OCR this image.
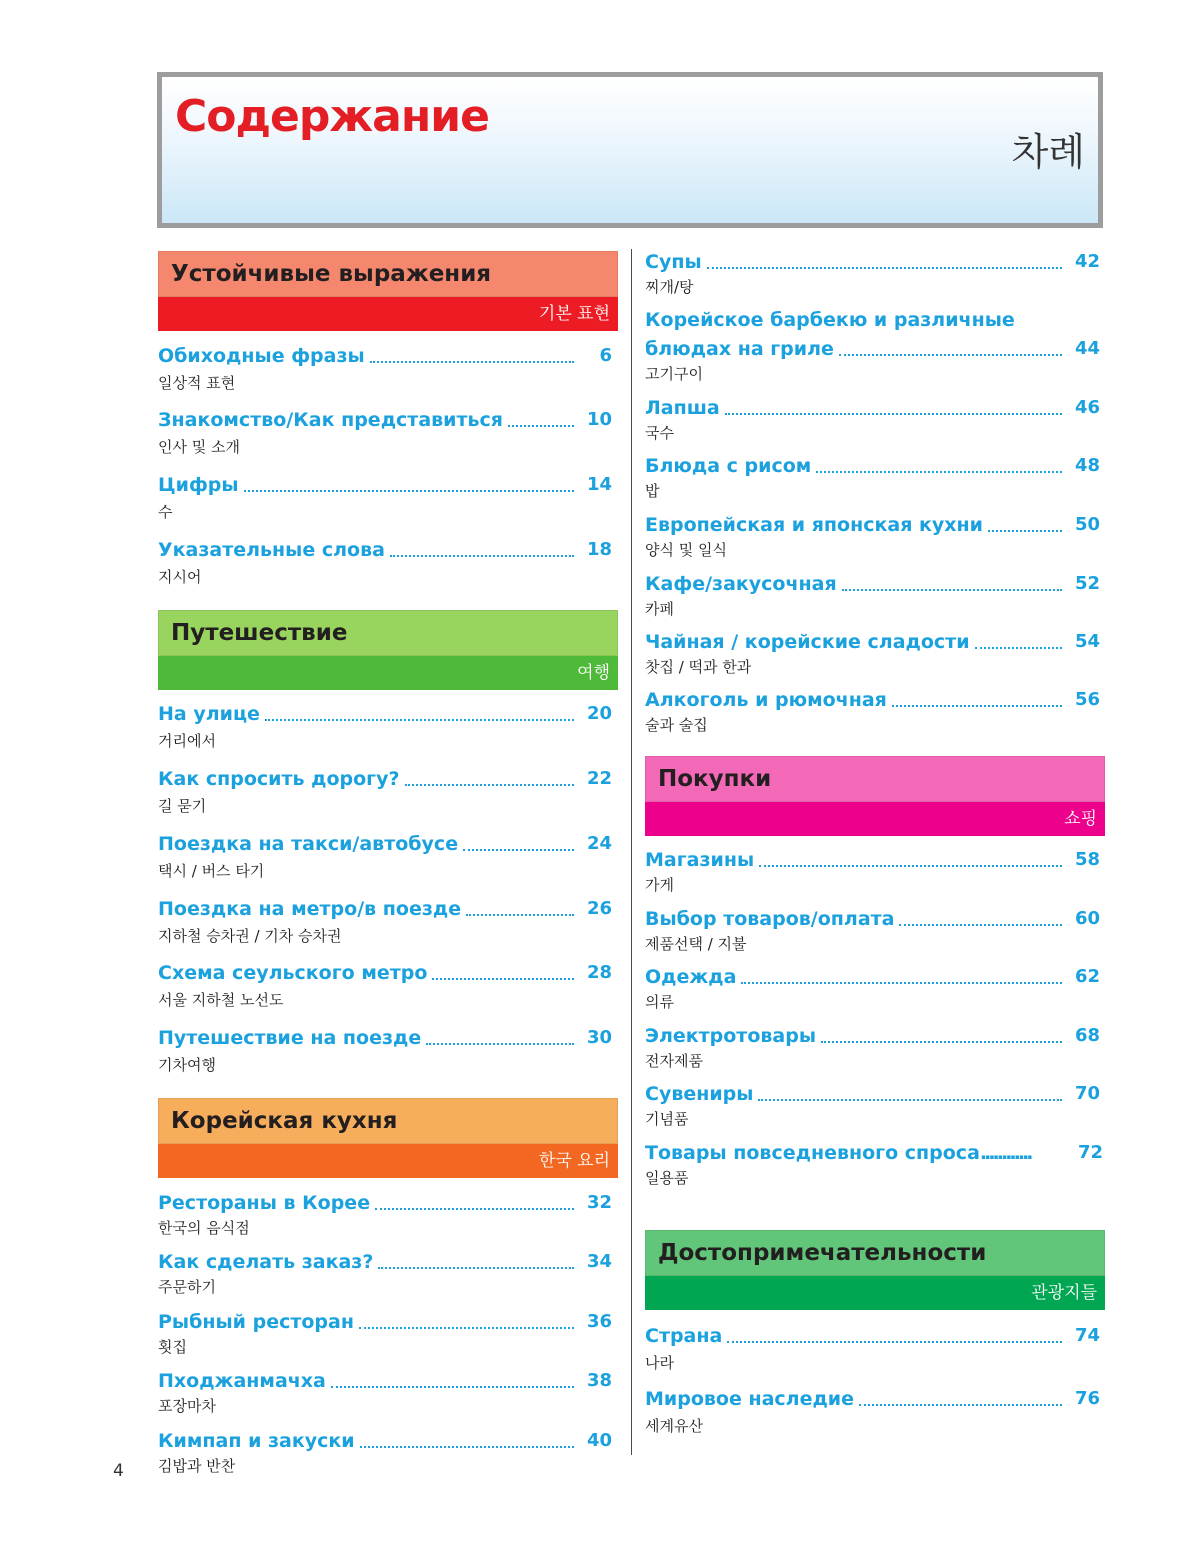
Содержание
차례
Устойчивые выражения
기본 표현
Обиходные фразы	6
일상적 표현
Знакомство/Как представиться	10
인사 및 소개
Цифры	14
수
Указательные слова	18
지시어
Путешествие
여행
На улице	20
거리에서
Как спросить дорогу?	22
길 묻기
Поездка на такси/автобусе	24
택시 / 버스 타기
Поездка на метро/в поезде	26
지하철 승차권 / 기차 승차권
Схема сеульского метро	28
서울 지하철 노선도
Путешествие на поезде	30
기차여행
Корейская кухня
한국 요리
Рестораны в Корее	32
한국의 음식점
Как сделать заказ?	34
주문하기
Рыбный ресторан	36
횟집
Пходжанмачха	38
포장마차
Кимпап и закуски	40
김밥과 반찬
Супы	42
찌개/탕
Корейское барбекю и различные
блюдах на гриле	44
고기구이
Лапша	46
국수
Блюда с рисом	48
밥
Европейская и японская кухни	50
양식 및 일식
Кафе/закусочная	52
카페
Чайная / корейские сладости	54
찻집 / 떡과 한과
Алкоголь и рюмочная	56
술과 술집
Покупки
쇼핑
Магазины	58
가게
Выбор товаров/оплата	60
제품선택 / 지불
Одежда	62
의류
Электротовары	68
전자제품
Сувениры	70
기념품
Товары повседневного спроса ............	72
일용품
Достопримечательности
관광지들
Страна	74
나라
Мировое наследие	76
세계유산
4
